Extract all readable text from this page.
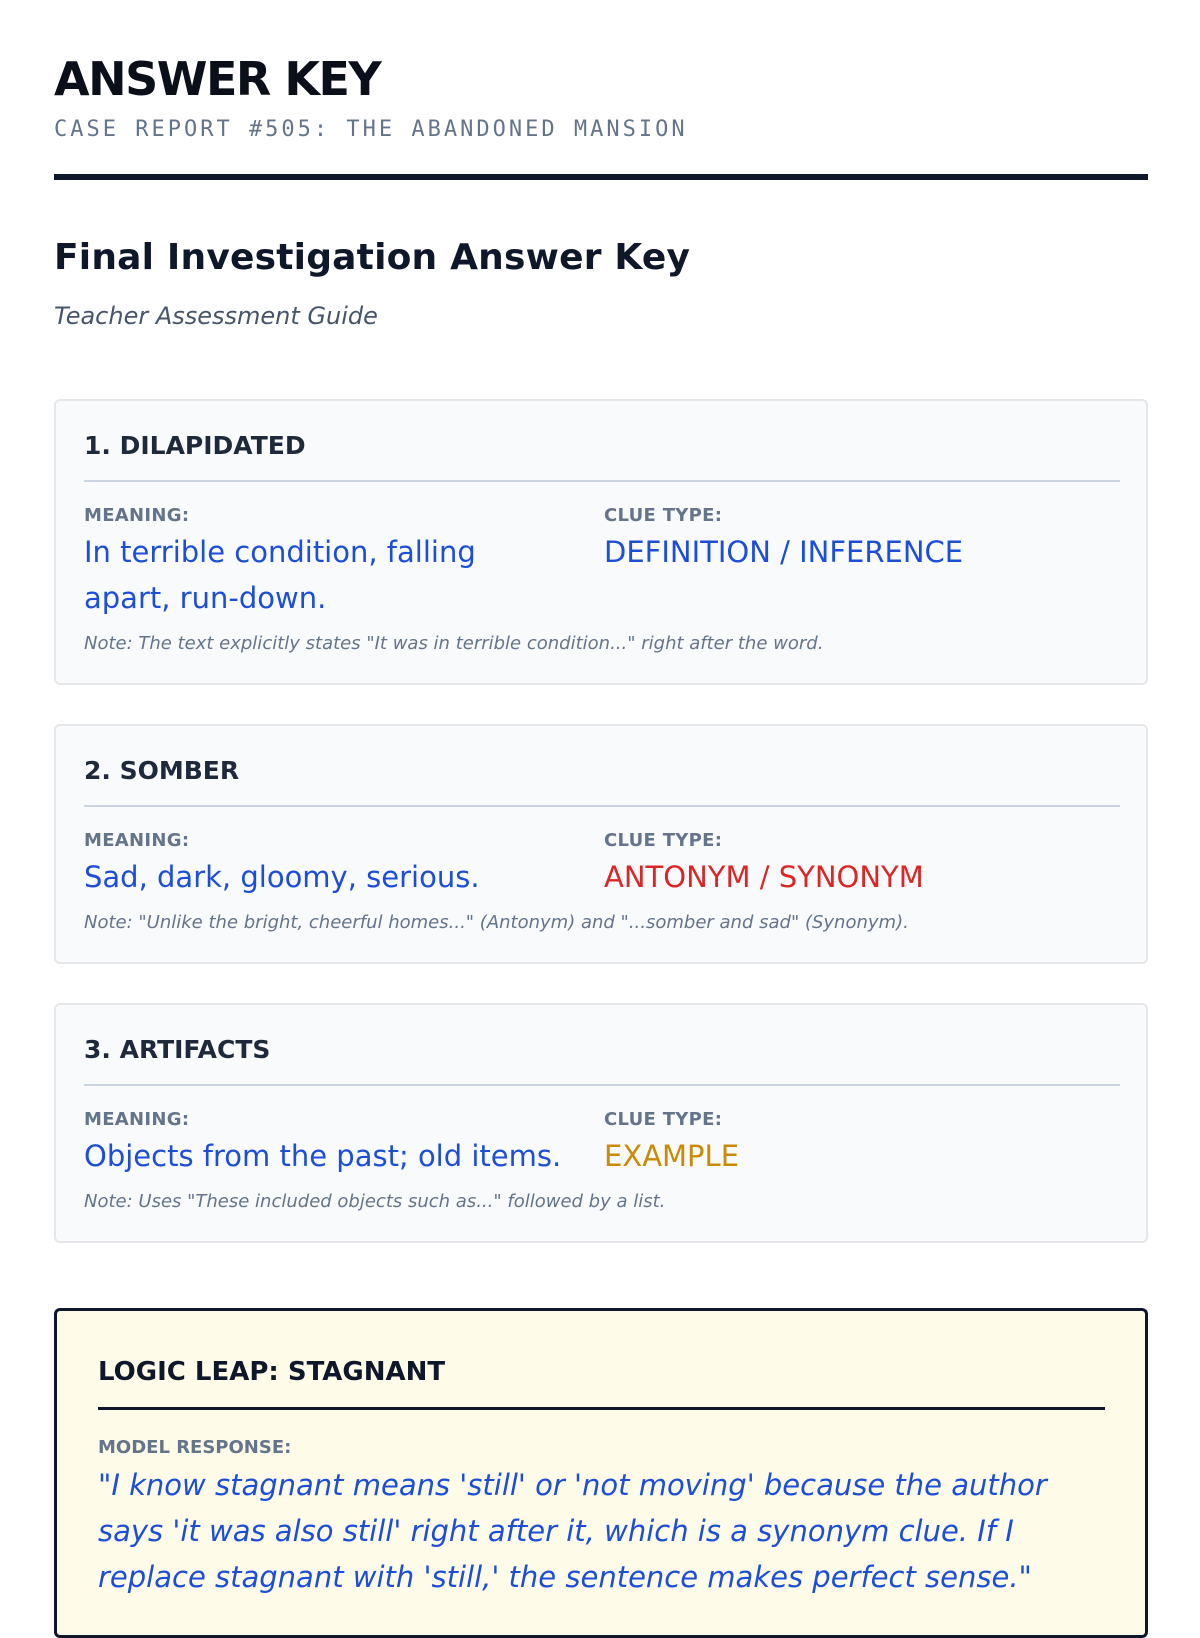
ANSWER KEY
CASE REPORT #505: THE ABANDONED MANSION
Final Investigation Answer Key
Teacher Assessment Guide
1. DILAPIDATED
MEANING:
In terrible condition, falling apart, run-down.
CLUE TYPE:
DEFINITION / INFERENCE
Note: The text explicitly states "It was in terrible condition..." right after the word.
2. SOMBER
MEANING:
Sad, dark, gloomy, serious.
CLUE TYPE:
ANTONYM / SYNONYM
Note: "Unlike the bright, cheerful homes..." (Antonym) and "...somber and sad" (Synonym).
3. ARTIFACTS
MEANING:
Objects from the past; old items.
CLUE TYPE:
EXAMPLE
Note: Uses "These included objects such as..." followed by a list.
LOGIC LEAP: STAGNANT
MODEL RESPONSE:
"I know stagnant means 'still' or 'not moving' because the author says 'it was also still' right after it, which is a synonym clue. If I replace stagnant with 'still,' the sentence makes perfect sense."
